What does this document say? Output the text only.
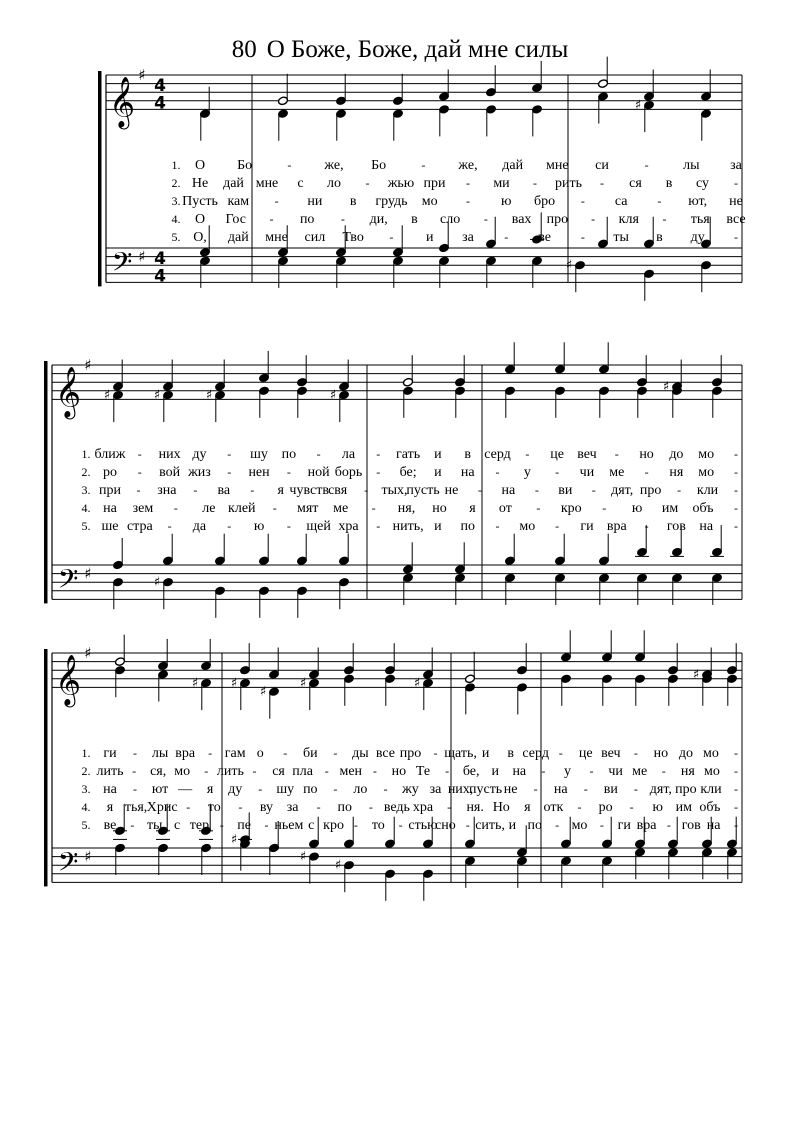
80 О Боже, Боже, дай мне силы
𝄞
𝄢
♯
♯
4
4
4
4
♯
♯
1. О Бо	- же, Бо	- же, дай мне си	- лы за
2. Не дай мне с ло - жью при - ми - рить - ся в су -
3. Пусть кам - ни в грудь мо - ю бро - са - ют, не
4. О Гос - по - ди, в сло - вах про - кля - тья все
5. О, дай мне сил Тво - и за	- ве - ты в ду -
𝄞
𝄢
♯
♯
♯
♯	♯	♯	♯
♯
1. ближ - них ду - шу по - ла - гать и в серд - це веч - но до мо -
2. ро - вой жиз - нен - ной борь - бе; и на - у - чи ме - ня мо -
3. при - зна - ва - я чувств свя - тых,
пусть не - на - ви - дят, про - кли -
4. на зем - ле клей - мят ме - ня, но я от - кро - ю им объ -
5. ше стра - да - ю - щей хра - нить, и по - мо - ги вра - гов на -
𝄞
𝄢
♯
♯
♯
♯	♯
♯
♯	♯
♯
♯
♯
1. ги - лы вра - гам о - би - ды все про - щать, и в серд - це веч - но до мо -
2. лить - ся, мо - лить - ся пла - мен - но Те - бе, и на - у - чи ме - ня мо -
3. на - ют — я ду - шу по - ло - жу за них,
пусть не - на - ви - дят, про кли -
4. я тья, Хрис - то - ву за - по - ведь хра - ня. Но я отк - ро - ю им объ -
5. ве - ты с тер - пе - ньем с кро - то - стью
сно - сить, и по - мо - ги вра - гов на -
